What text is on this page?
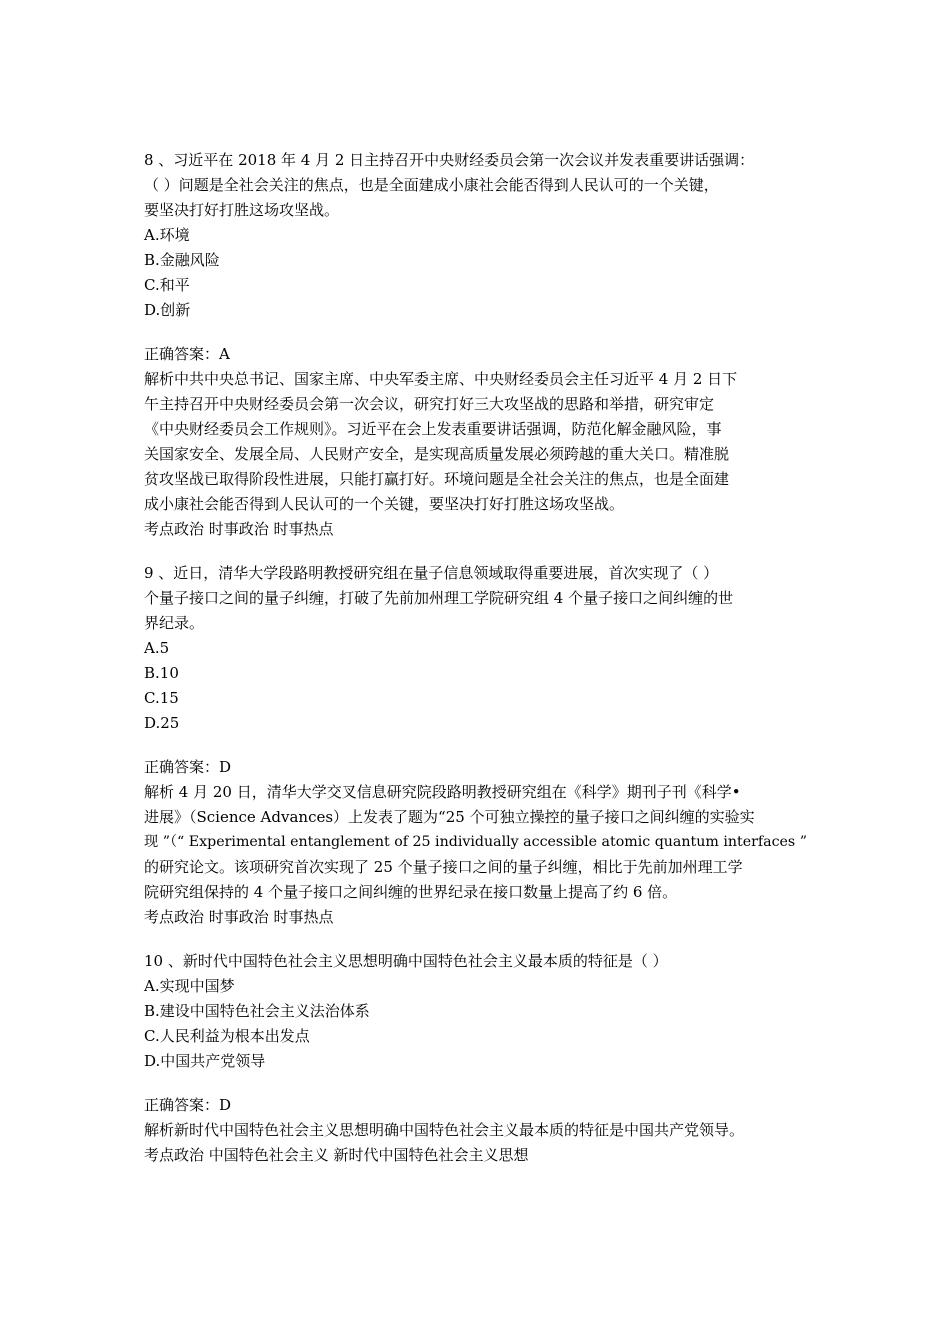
8 、习近平在 2018 年 4 月 2 日主持召开中央财经委员会第一次会议并发表重要讲话强调：
（ ）问题是全社会关注的焦点，也是全面建成小康社会能否得到人民认可的一个关键，
要坚决打好打胜这场攻坚战。
A.环境
B.金融风险
C.和平
D.创新
正确答案：A
解析中共中央总书记、国家主席、中央军委主席、中央财经委员会主任习近平 4 月 2 日下
午主持召开中央财经委员会第一次会议，研究打好三大攻坚战的思路和举措，研究审定
《中央财经委员会工作规则》。习近平在会上发表重要讲话强调，防范化解金融风险，事
关国家安全、发展全局、人民财产安全，是实现高质量发展必须跨越的重大关口。精准脱
贫攻坚战已取得阶段性进展，只能打赢打好。环境问题是全社会关注的焦点，也是全面建
成小康社会能否得到人民认可的一个关键，要坚决打好打胜这场攻坚战。
考点政治 时事政治 时事热点
9 、近日，清华大学段路明教授研究组在量子信息领域取得重要进展，首次实现了（ ）
个量子接口之间的量子纠缠，打破了先前加州理工学院研究组 4 个量子接口之间纠缠的世
界纪录。
A.5
B.10
C.15
D.25
正确答案：D
解析 4 月 20 日，清华大学交叉信息研究院段路明教授研究组在《科学》期刊子刊《科学•
进展》（Science Advances）上发表了题为“25 个可独立操控的量子接口之间纠缠的实验实
现 ”（“ Experimental entanglement of 25 individually accessible atomic quantum interfaces ”
的研究论文。该项研究首次实现了 25 个量子接口之间的量子纠缠，相比于先前加州理工学
院研究组保持的 4 个量子接口之间纠缠的世界纪录在接口数量上提高了约 6 倍。
考点政治 时事政治 时事热点
10 、新时代中国特色社会主义思想明确中国特色社会主义最本质的特征是（ ）
A.实现中国梦
B.建设中国特色社会主义法治体系
C.人民利益为根本出发点
D.中国共产党领导
正确答案：D
解析新时代中国特色社会主义思想明确中国特色社会主义最本质的特征是中国共产党领导。
考点政治 中国特色社会主义 新时代中国特色社会主义思想
